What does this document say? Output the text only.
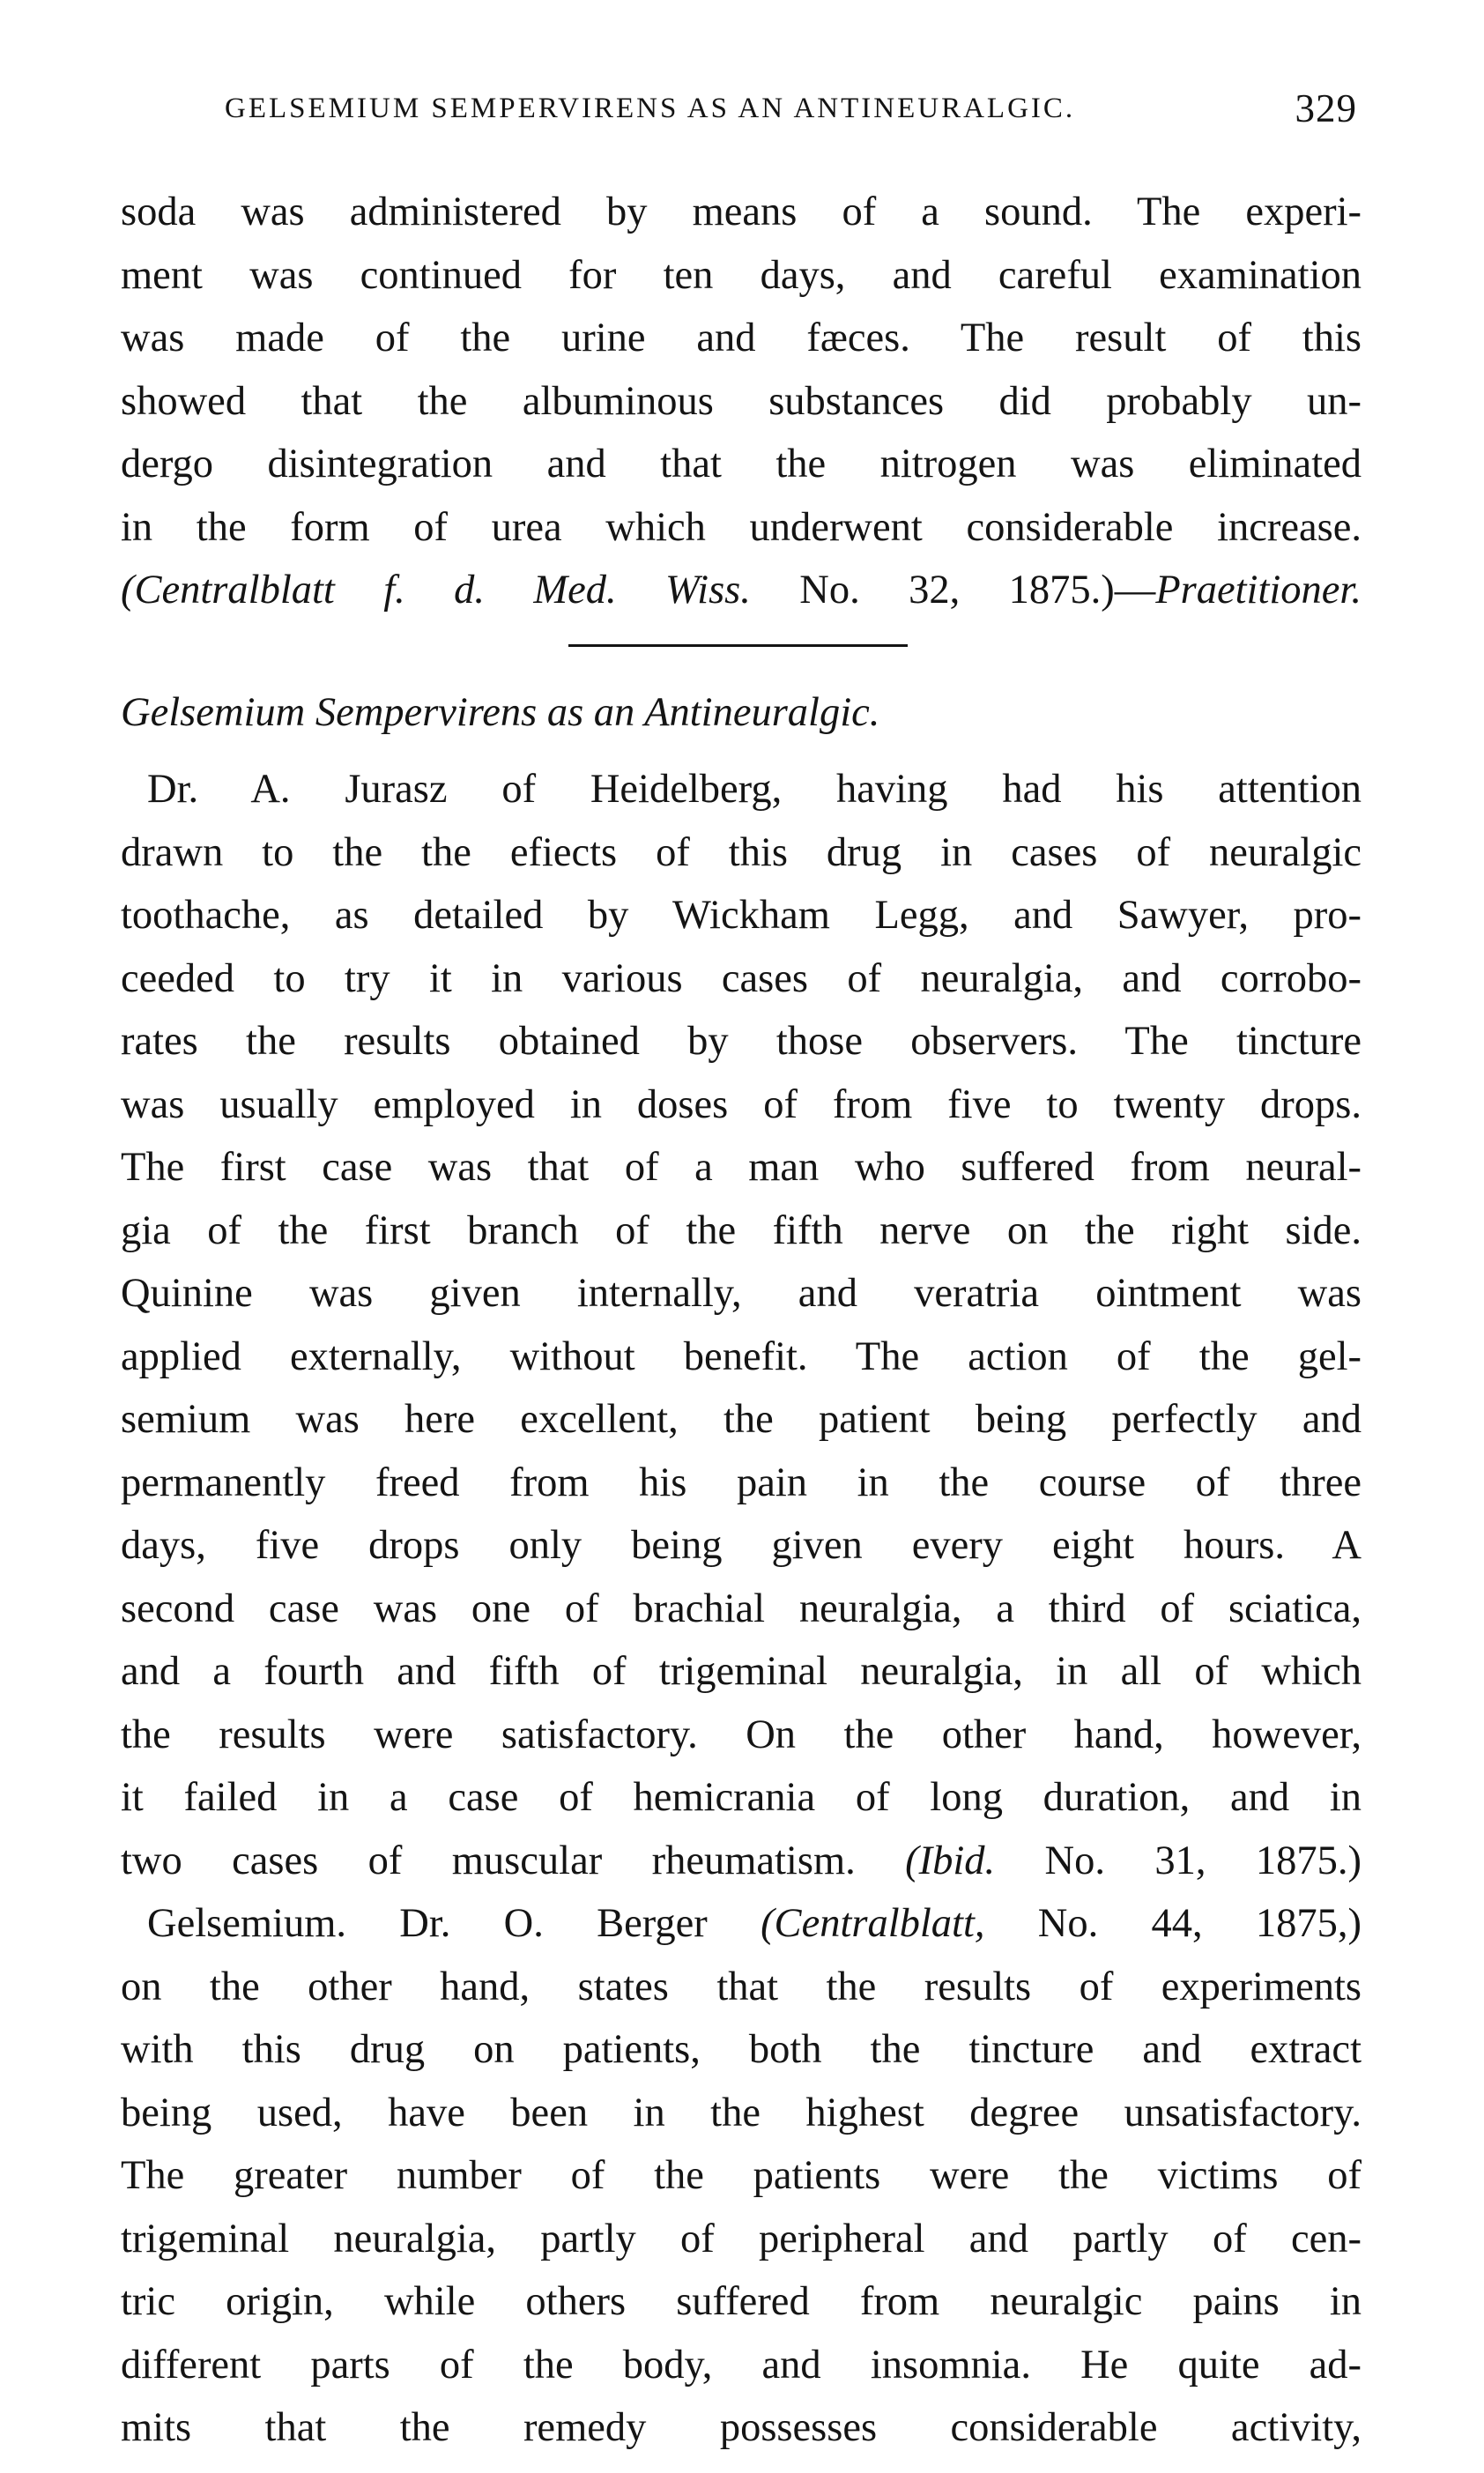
GELSEMIUM SEMPERVIRENS AS AN ANTINEURALGIC.	329
soda was administered by means of a sound. The experi-
ment was continued for ten days, and careful examination
was made of the urine and fæces. The result of this
showed that the albuminous substances did probably un-
dergo disintegration and that the nitrogen was eliminated
in the form of urea which underwent considerable increase.
(Centralblatt f. d. Med. Wiss. No. 32, 1875.)—Praetitioner.
Gelsemium Sempervirens as an Antineuralgic.
Dr. A. Jurasz of Heidelberg, having had his attention
drawn to the the efiects of this drug in cases of neuralgic
toothache, as detailed by Wickham Legg, and Sawyer, pro-
ceeded to try it in various cases of neuralgia, and corrobo-
rates the results obtained by those observers. The tincture
was usually employed in doses of from five to twenty drops.
The first case was that of a man who suffered from neural-
gia of the first branch of the fifth nerve on the right side.
Quinine was given internally, and veratria ointment was
applied externally, without benefit. The action of the gel-
semium was here excellent, the patient being perfectly and
permanently freed from his pain in the course of three
days, five drops only being given every eight hours. A
second case was one of brachial neuralgia, a third of sciatica,
and a fourth and fifth of trigeminal neuralgia, in all of which
the results were satisfactory. On the other hand, however,
it failed in a case of hemicrania of long duration, and in
two cases of muscular rheumatism. (Ibid. No. 31, 1875.)
Gelsemium. Dr. O. Berger (Centralblatt, No. 44, 1875,)
on the other hand, states that the results of experiments
with this drug on patients, both the tincture and extract
being used, have been in the highest degree unsatisfactory.
The greater number of the patients were the victims of
trigeminal neuralgia, partly of peripheral and partly of cen-
tric origin, while others suffered from neuralgic pains in
different parts of the body, and insomnia. He quite ad-
mits that the remedy possesses considerable activity,
